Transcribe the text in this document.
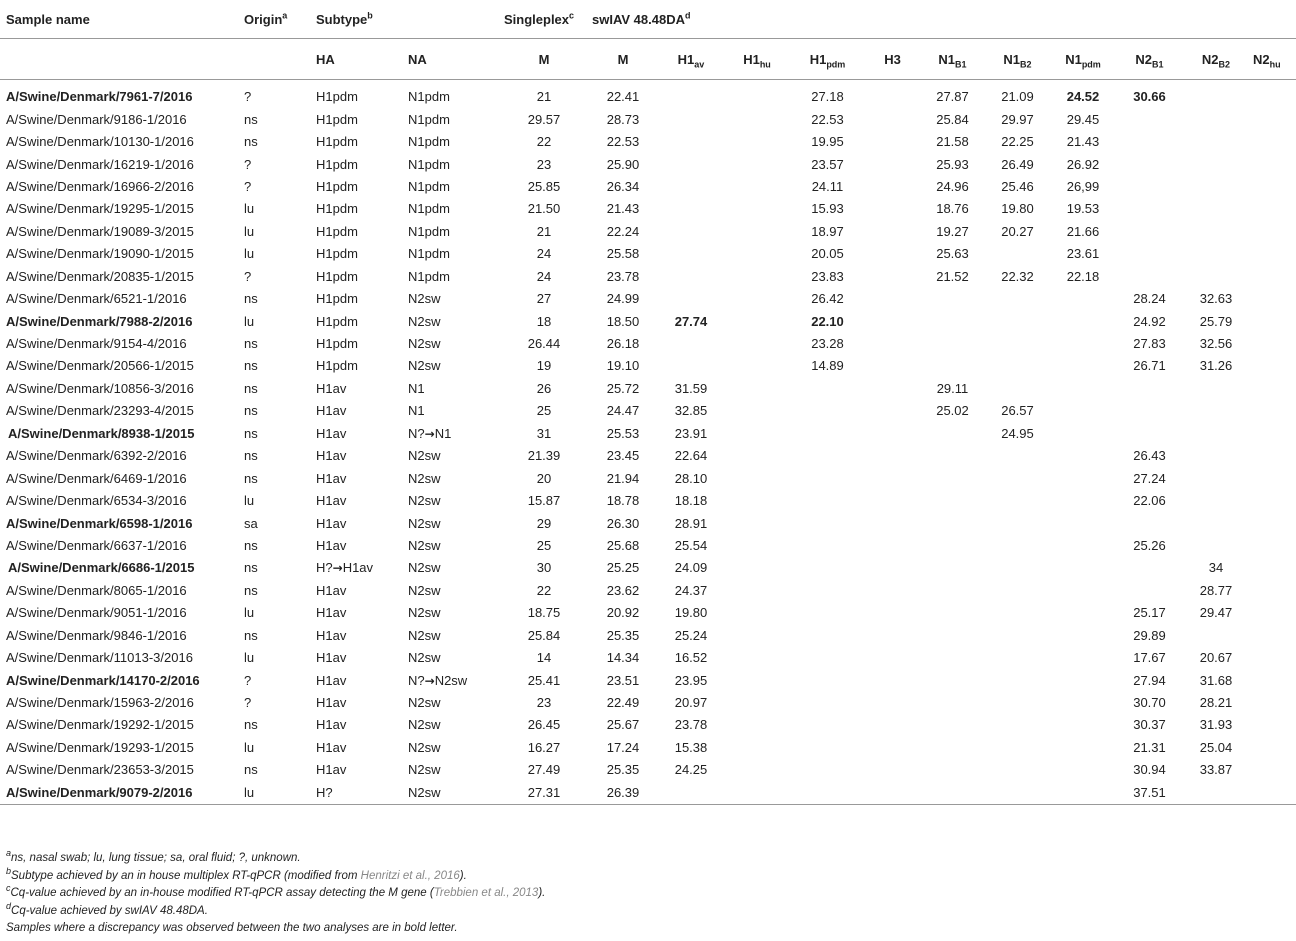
Sample name	Origin$^a$	Subtype$^b$		Singleplex$^c$	swIAV $48.48DA^d$
		HA	NA	M	M	$H1_{av}$	$H1_{hu}$	$H1_{pdm}$	H3	$N1_{B1}$	$N1_{B2}$	$N1_{pdm}$	$N2_{B1}$	$N2_{B2}$	$N2_{hu}$
A/Swine/Denmark/7961-7/2016	?	H1pdm	N1pdm	21	22.41			27.18		27.87	21.09	24.52	30.66		
A/Swine/Denmark/9186-1/2016	ns	H1pdm	N1pdm	29.57	28.73			22.53		25.84	29.97	29.45			
A/Swine/Denmark/10130-1/2016	ns	H1pdm	N1pdm	22	22.53			19.95		21.58	22.25	21.43			
A/Swine/Denmark/16219-1/2016	?	H1pdm	N1pdm	23	25.90			23.57		25.93	26.49	26.92			
A/Swine/Denmark/16966-2/2016	?	H1pdm	N1pdm	25.85	26.34			24.11		24.96	25.46	26,99			
A/Swine/Denmark/19295-1/2015	lu	H1pdm	N1pdm	21.50	21.43			15.93		18.76	19.80	19.53			
A/Swine/Denmark/19089-3/2015	lu	H1pdm	N1pdm	21	22.24			18.97		19.27	20.27	21.66			
A/Swine/Denmark/19090-1/2015	lu	H1pdm	N1pdm	24	25.58			20.05		25.63		23.61			
A/Swine/Denmark/20835-1/2015	?	H1pdm	N1pdm	24	23.78			23.83		21.52	22.32	22.18			
A/Swine/Denmark/6521-1/2016	ns	H1pdm	N2sw	27	24.99			26.42					28.24	32.63	
A/Swine/Denmark/7988-2/2016	lu	H1pdm	N2sw	18	18.50	27.74		22.10					24.92	25.79	
A/Swine/Denmark/9154-4/2016	ns	H1pdm	N2sw	26.44	26.18			23.28					27.83	32.56	
A/Swine/Denmark/20566-1/2015	ns	H1pdm	N2sw	19	19.10			14.89					26.71	31.26	
A/Swine/Denmark/10856-3/2016	ns	H1av	N1	26	25.72	31.59				29.11					
A/Swine/Denmark/23293-4/2015	ns	H1av	N1	25	24.47	32.85				25.02	26.57				
A/Swine/Denmark/8938-1/2015	ns	H1av	N?→N1	31	25.53	23.91					24.95				
A/Swine/Denmark/6392-2/2016	ns	H1av	N2sw	21.39	23.45	22.64							26.43		
A/Swine/Denmark/6469-1/2016	ns	H1av	N2sw	20	21.94	28.10							27.24		
A/Swine/Denmark/6534-3/2016	lu	H1av	N2sw	15.87	18.78	18.18							22.06		
A/Swine/Denmark/6598-1/2016	sa	H1av	N2sw	29	26.30	28.91									
A/Swine/Denmark/6637-1/2016	ns	H1av	N2sw	25	25.68	25.54							25.26		
A/Swine/Denmark/6686-1/2015	ns	H?→H1av	N2sw	30	25.25	24.09								34	
A/Swine/Denmark/8065-1/2016	ns	H1av	N2sw	22	23.62	24.37								28.77	
A/Swine/Denmark/9051-1/2016	lu	H1av	N2sw	18.75	20.92	19.80							25.17	29.47	
A/Swine/Denmark/9846-1/2016	ns	H1av	N2sw	25.84	25.35	25.24							29.89		
A/Swine/Denmark/11013-3/2016	lu	H1av	N2sw	14	14.34	16.52							17.67	20.67	
A/Swine/Denmark/14170-2/2016	?	H1av	N?→N2sw	25.41	23.51	23.95							27.94	31.68	
A/Swine/Denmark/15963-2/2016	?	H1av	N2sw	23	22.49	20.97							30.70	28.21	
A/Swine/Denmark/19292-1/2015	ns	H1av	N2sw	26.45	25.67	23.78							30.37	31.93	
A/Swine/Denmark/19293-1/2015	lu	H1av	N2sw	16.27	17.24	15.38							21.31	25.04	
A/Swine/Denmark/23653-3/2015	ns	H1av	N2sw	27.49	25.35	24.25							30.94	33.87	
A/Swine/Denmark/9079-2/2016	lu	H?	N2sw	27.31	26.39								37.51		
$^a$ns, nasal swab; lu, lung tissue; sa, oral fluid; ?, unknown.
$^b$Subtype achieved by an in house multiplex RT-qPCR (modified from Henritzi et al., 2016).
$^c$Cq-value achieved by an in-house modified RT-qPCR assay detecting the M gene (Trebbien et al., 2013).
$^d$Cq-value achieved by swIAV 48.48DA.
Samples where a discrepancy was observed between the two analyses are in bold letter.
